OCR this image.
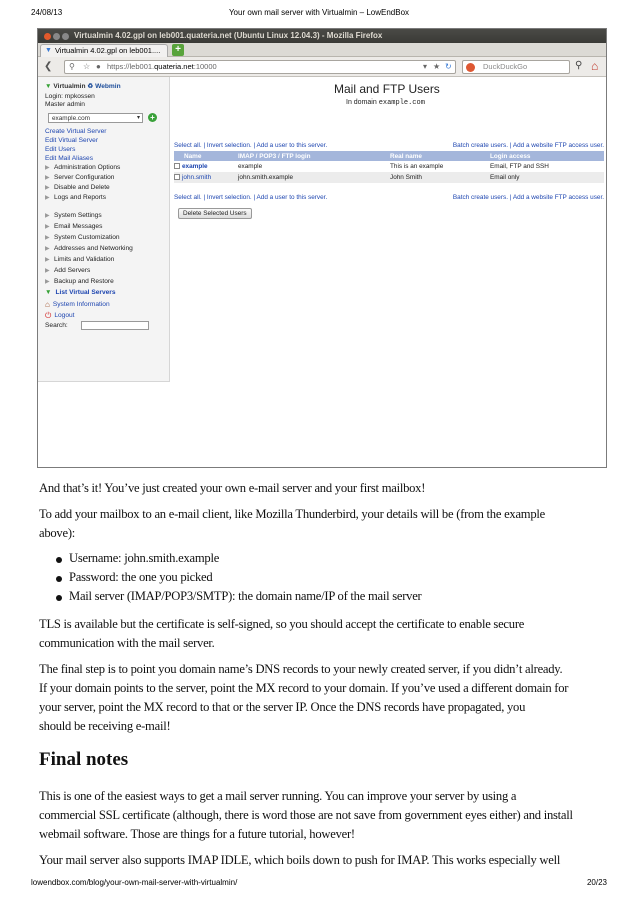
24/08/13	Your own mail server with Virtualmin – LowEndBox
Virtualmin 4.02.gpl on leb001.quateria.net (Ubuntu Linux 12.04.3) - Mozilla Firefox
▼ Virtualmin 4.02.gpl on leb001....	+
❮ ⚲ ☆ ● https://leb001.quateria.net:10000	▾ ★ ↻	DuckDuckGo	⚲ ⌂
▼ Virtualmin ♻ Webmin
Login: mpkossen
Master admin
example.com	▾ +
Create Virtual Server
Edit Virtual Server
Edit Users
Edit Mail Aliases
▶ Administration Options
▶ Server Configuration
▶ Disable and Delete
▶ Logs and Reports
▶ System Settings
▶ Email Messages
▶ System Customization
▶ Addresses and Networking
▶ Limits and Validation
▶ Add Servers
▶ Backup and Restore
▼ List Virtual Servers
⌂ System Information
⏻ Logout
Search:
Mail and FTP Users
In domain example.com
Select all. | Invert selection. | Add a user to this server.	Batch create users. | Add a website FTP access user.
Name	IMAP / POP3 / FTP login	Real name	Login access
example	example	This is an example	Email, FTP and SSH
john.smith	john.smith.example	John Smith	Email only
Select all. | Invert selection. | Add a user to this server.	Batch create users. | Add a website FTP access user.
Delete Selected Users
And that’s it! You’ve just created your own e-mail server and your first mailbox!
To add your mailbox to an e-mail client, like Mozilla Thunderbird, your details will be (from the example
above):
Username: john.smith.example
Password: the one you picked
Mail server (IMAP/POP3/SMTP): the domain name/IP of the mail server
TLS is available but the certificate is self-signed, so you should accept the certificate to enable secure
communication with the mail server.
The final step is to point you domain name’s DNS records to your newly created server, if you didn’t already.
If your domain points to the server, point the MX record to your domain. If you’ve used a different domain for
your server, point the MX record to that or the server IP. Once the DNS records have propagated, you
should be receiving e-mail!
Final notes
This is one of the easiest ways to get a mail server running. You can improve your server by using a
commercial SSL certificate (although, there is word those are not save from government eyes either) and install
webmail software. Those are things for a future tutorial, however!
Your mail server also supports IMAP IDLE, which boils down to push for IMAP. This works especially well
lowendbox.com/blog/your-own-mail-server-with-virtualmin/	20/23
